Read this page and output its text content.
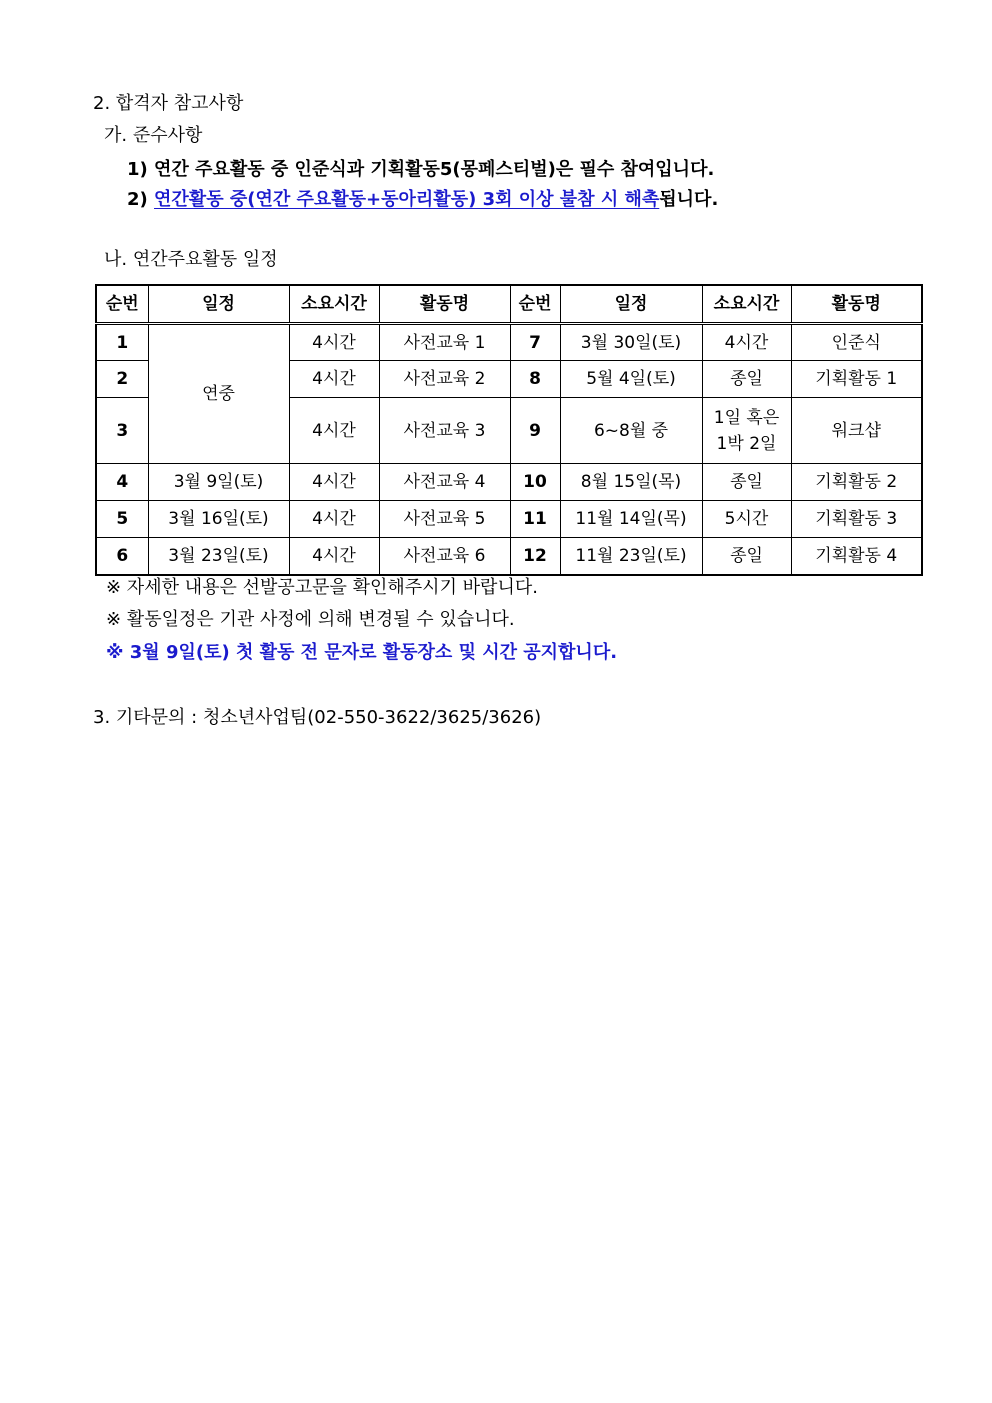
2. 합격자 참고사항
가. 준수사항
1) 연간 주요활동 중 인준식과 기획활동5(몽페스티벌)은 필수 참여입니다.
2) 연간활동 중(연간 주요활동+동아리활동) 3회 이상 불참 시 해촉됩니다.
나. 연간주요활동 일정
순번	일정	소요시간	활동명	순번	일정	소요시간	활동명
1	연중	4시간	사전교육 1	7	3월 30일(토)	4시간	인준식
2		4시간	사전교육 2	8	5월 4일(토)	종일	기획활동 1
3		4시간	사전교육 3	9	6~8월 중	1일 혹은
1박 2일	워크샵
4	3월 9일(토)	4시간	사전교육 4	10	8월 15일(목)	종일	기획활동 2
5	3월 16일(토)	4시간	사전교육 5	11	11월 14일(목)	5시간	기획활동 3
6	3월 23일(토)	4시간	사전교육 6	12	11월 23일(토)	종일	기획활동 4
※ 자세한 내용은 선발공고문을 확인해주시기 바랍니다.
※ 활동일정은 기관 사정에 의해 변경될 수 있습니다.
※ 3월 9일(토) 첫 활동 전 문자로 활동장소 및 시간 공지합니다.
3. 기타문의 : 청소년사업팀(02-550-3622/3625/3626)
